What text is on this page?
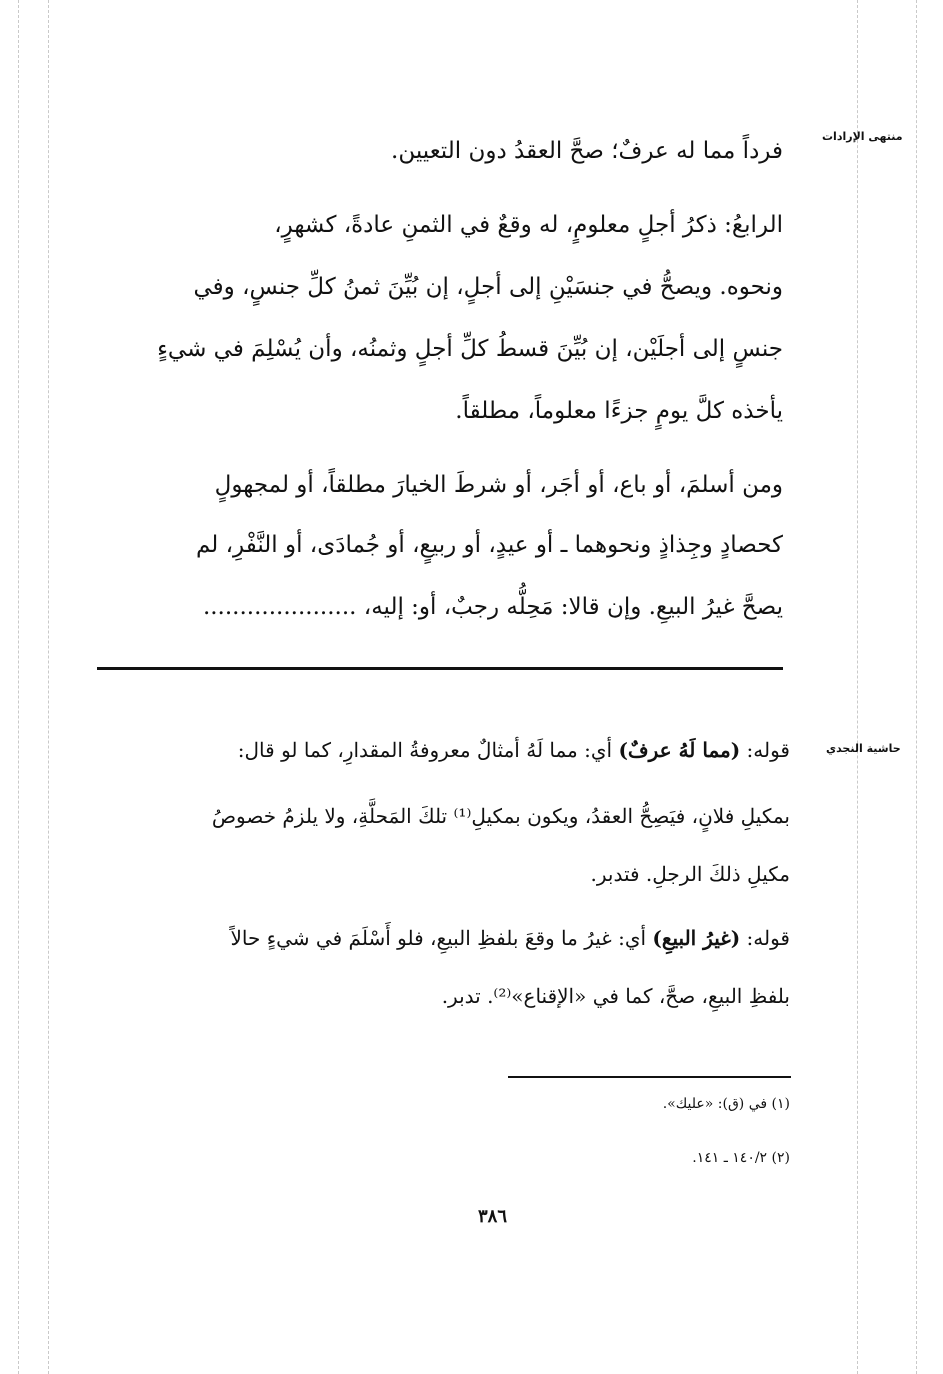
منتهى الإرادات
حاشية النجدي
فرداً مما له عرفٌ؛ صحَّ العقدُ دون التعيين.
الرابعُ: ذكرُ أجلٍ معلومٍ، له وقعٌ في الثمنِ عادةً، كشهرٍ،
ونحوه. ويصحُّ في جنسَيْنِ إلى أجلٍ، إن بُيِّنَ ثمنُ كلِّ جنسٍ، وفي
جنسٍ إلى أجلَيْن، إن بُيِّنَ قسطُ كلِّ أجلٍ وثمنُه، وأن يُسْلِمَ في شيءٍ
يأخذه كلَّ يومٍ جزءًا معلوماً، مطلقاً.
ومن أسلمَ، أو باع، أو أجَر، أو شرطَ الخيارَ مطلقاً، أو لمجهولٍ
كحصادٍ وجِذاذٍ ونحوهما ـ أو عيدٍ، أو ربيعٍ، أو جُمادَى، أو النَّفْرِ، لم
يصحَّ غيرُ البيعِ. وإن قالا: مَحِلُّه رجبٌ، أو: إليه، .....................
قوله: (مما لَهُ عرفٌ) أي: مما لَهُ أمثالٌ معروفةُ المقدارِ، كما لو قال:
بمكيلِ فلانٍ، فيَصِحُّ العقدُ، ويكون بمكيلِ⁽¹⁾ تلكَ المَحلَّةِ، ولا يلزمُ خصوصُ
مكيلِ ذلكَ الرجلِ. فتدبر.
قوله: (غيرُ البيعِ) أي: غيرُ ما وقعَ بلفظِ البيعِ، فلو أَسْلَمَ في شيءٍ حالاً
بلفظِ البيعِ، صحَّ، كما في «الإقناع»⁽²⁾. تدبر.
(١) في (ق): «عليك».
(٢) ١٤٠/٢ ـ ١٤١.
٣٨٦
